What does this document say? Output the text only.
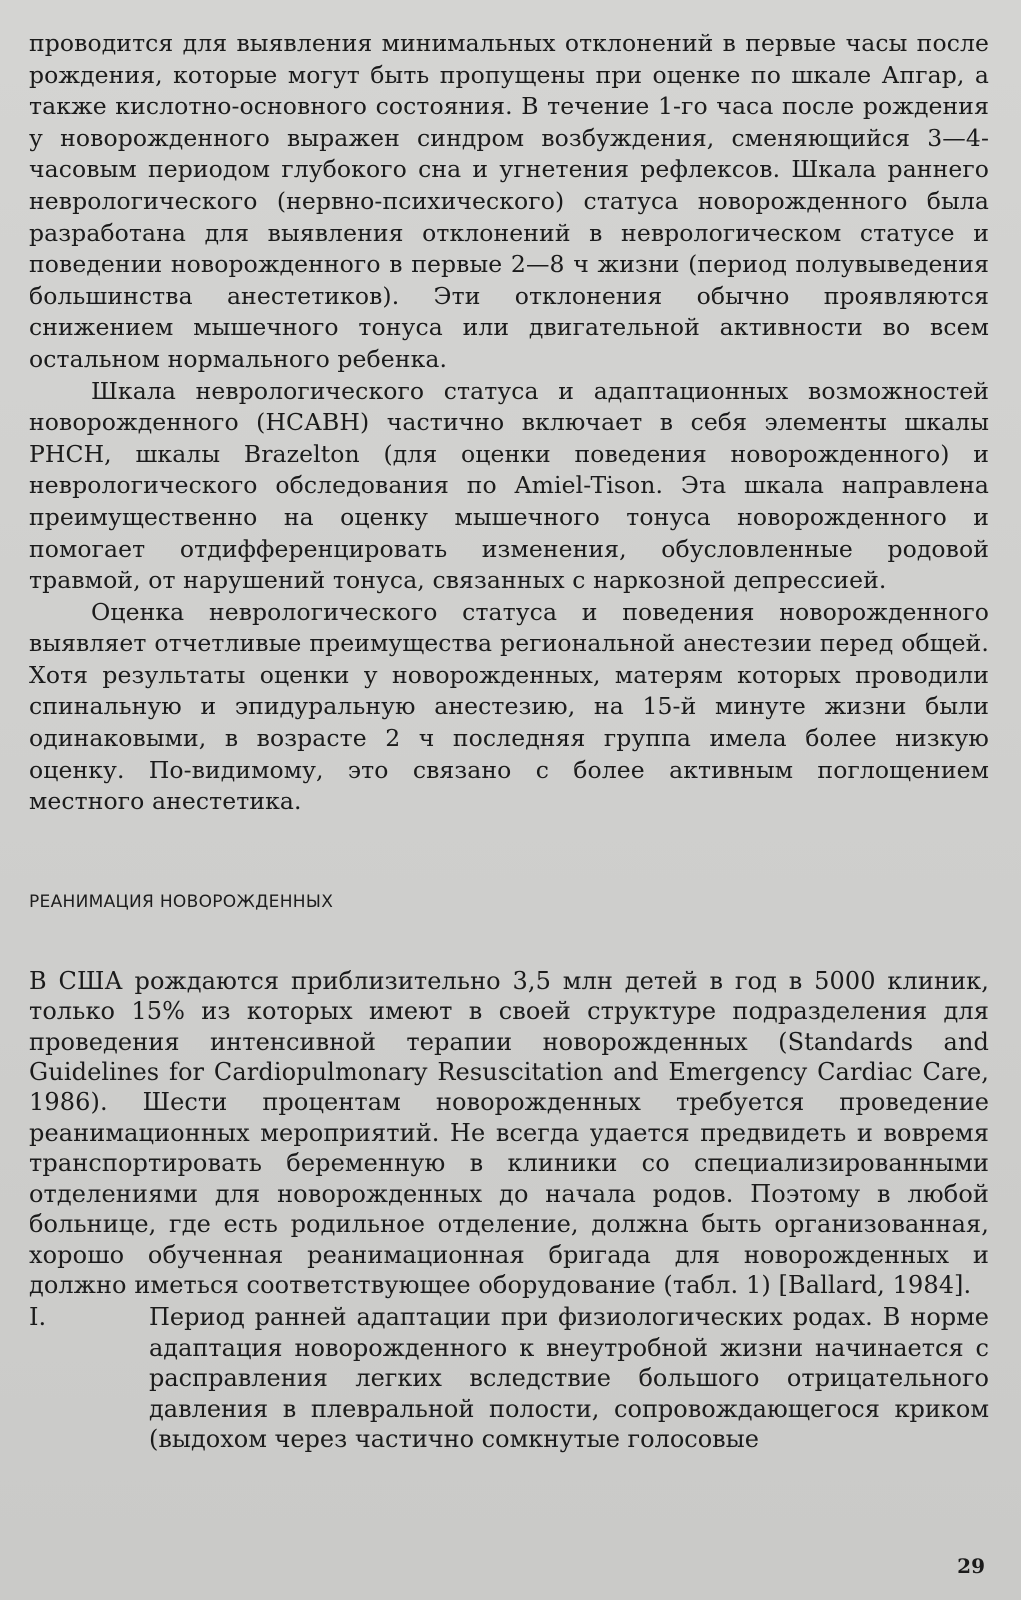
проводится для выявления минимальных отклонений в первые часы после рождения, которые могут быть пропущены при оценке по шкале Апгар, а также кислотно-основного состояния. В течение 1-го часа после рождения у новорожденного выражен синдром возбуждения, сменяющийся 3—4-часовым периодом глубокого сна и угнетения рефлексов. Шкала раннего неврологического (нервно-психического) статуса новорожденного была разработана для выявления отклонений в неврологическом статусе и поведении новорожденного в первые 2—8 ч жизни (период полувыведения большинства анестетиков). Эти отклонения обычно проявляются снижением мышечного тонуса или двигательной активности во всем остальном нормального ребенка.

Шкала неврологического статуса и адаптационных возможностей новорожденного (НСАВН) частично включает в себя элементы шкалы РНСН, шкалы Brazelton (для оценки поведения новорожденного) и неврологического обследования по Amiel-Tison. Эта шкала направлена преимущественно на оценку мышечного тонуса новорожденного и помогает отдифференцировать изменения, обусловленные родовой травмой, от нарушений тонуса, связанных с наркозной депрессией.

Оценка неврологического статуса и поведения новорожденного выявляет отчетливые преимущества региональной анестезии перед общей. Хотя результаты оценки у новорожденных, матерям которых проводили спинальную и эпидуральную анестезию, на 15-й минуте жизни были одинаковыми, в возрасте 2 ч последняя группа имела более низкую оценку. По-видимому, это связано с более активным поглощением местного анестетика.

РЕАНИМАЦИЯ НОВОРОЖДЕННЫХ

В США рождаются приблизительно 3,5 млн детей в год в 5000 клиник, только 15% из которых имеют в своей структуре подразделения для проведения интенсивной терапии новорожденных (Standards and Guidelines for Cardiopulmonary Resuscitation and Emergency Cardiac Care, 1986). Шести процентам новорожденных требуется проведение реанимационных мероприятий. Не всегда удается предвидеть и вовремя транспортировать беременную в клиники со специализированными отделениями для новорожденных до начала родов. Поэтому в любой больнице, где есть родильное отделение, должна быть организованная, хорошо обученная реанимационная бригада для новорожденных и должно иметься соответствующее оборудование (табл. 1) [Ballard, 1984].

I.	Период ранней адаптации при физиологических родах. В норме адаптация новорожденного к внеутробной жизни начинается с расправления легких вследствие большого отрицательного давления в плевральной полости, сопровождающегося криком (выдохом через частично сомкнутые голосовые

29
